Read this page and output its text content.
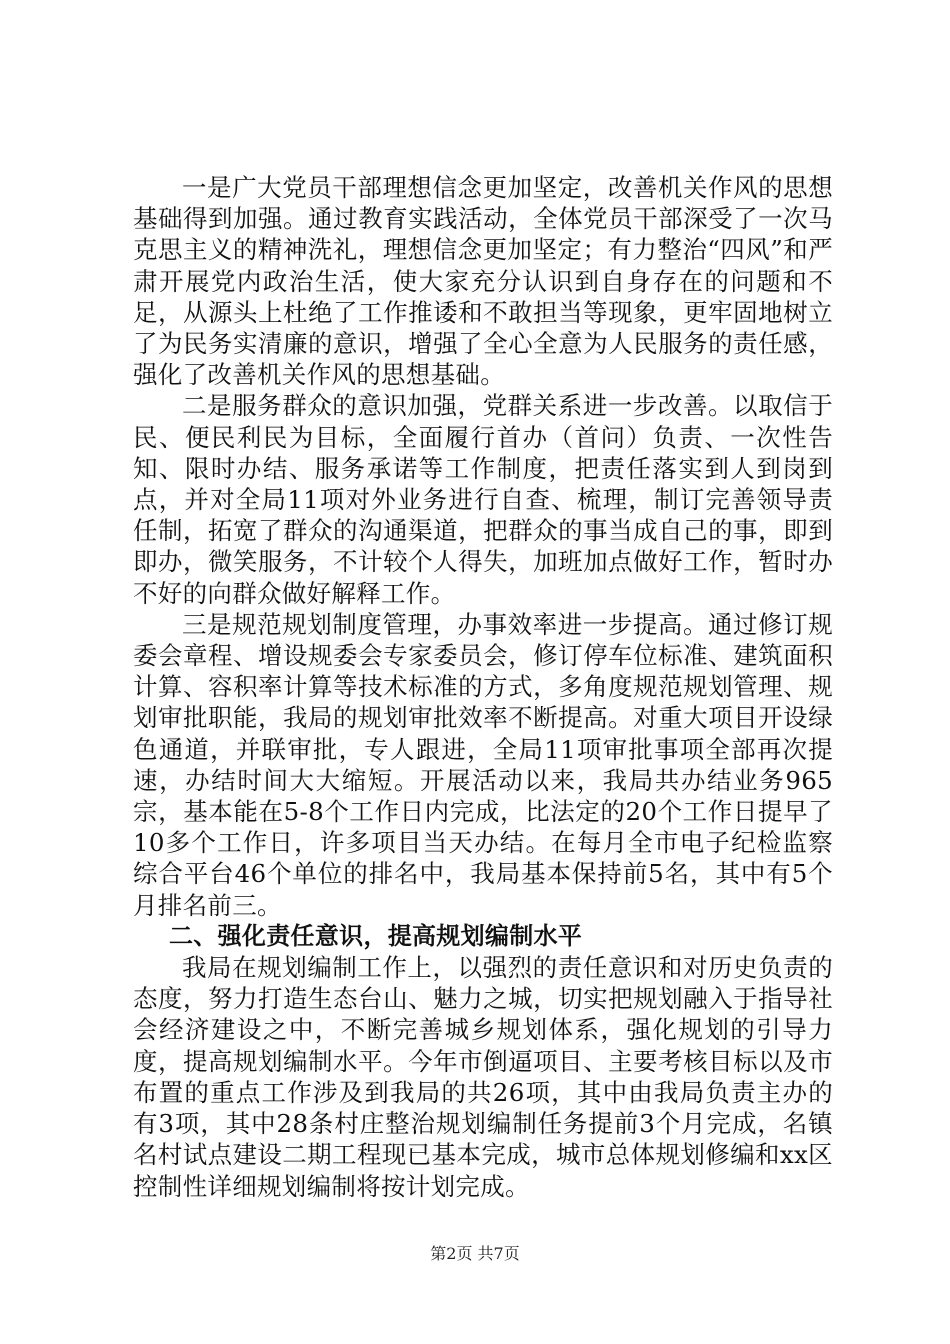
一是广大党员干部理想信念更加坚定，改善机关作风的思想基础得到加强。通过教育实践活动，全体党员干部深受了一次马克思主义的精神洗礼，理想信念更加坚定；有力整治“四风”和严肃开展党内政治生活，使大家充分认识到自身存在的问题和不足，从源头上杜绝了工作推诿和不敢担当等现象，更牢固地树立了为民务实清廉的意识，增强了全心全意为人民服务的责任感，强化了改善机关作风的思想基础。

二是服务群众的意识加强，党群关系进一步改善。以取信于民、便民利民为目标，全面履行首办（首问）负责、一次性告知、限时办结、服务承诺等工作制度，把责任落实到人到岗到点，并对全局11项对外业务进行自查、梳理，制订完善领导责任制，拓宽了群众的沟通渠道，把群众的事当成自己的事，即到即办，微笑服务，不计较个人得失，加班加点做好工作，暂时办不好的向群众做好解释工作。

三是规范规划制度管理，办事效率进一步提高。通过修订规委会章程、增设规委会专家委员会，修订停车位标准、建筑面积计算、容积率计算等技术标准的方式，多角度规范规划管理、规划审批职能，我局的规划审批效率不断提高。对重大项目开设绿色通道，并联审批，专人跟进，全局11项审批事项全部再次提速，办结时间大大缩短。开展活动以来，我局共办结业务965宗，基本能在5-8个工作日内完成，比法定的20个工作日提早了10多个工作日，许多项目当天办结。在每月全市电子纪检监察综合平台46个单位的排名中，我局基本保持前5名，其中有5个月排名前三。

二、强化责任意识，提高规划编制水平

我局在规划编制工作上，以强烈的责任意识和对历史负责的态度，努力打造生态台山、魅力之城，切实把规划融入于指导社会经济建设之中，不断完善城乡规划体系，强化规划的引导力度，提高规划编制水平。今年市倒逼项目、主要考核目标以及市布置的重点工作涉及到我局的共26项，其中由我局负责主办的有3项，其中28条村庄整治规划编制任务提前3个月完成，名镇名村试点建设二期工程现已基本完成，城市总体规划修编和xx区控制性详细规划编制将按计划完成。

第2页 共7页
